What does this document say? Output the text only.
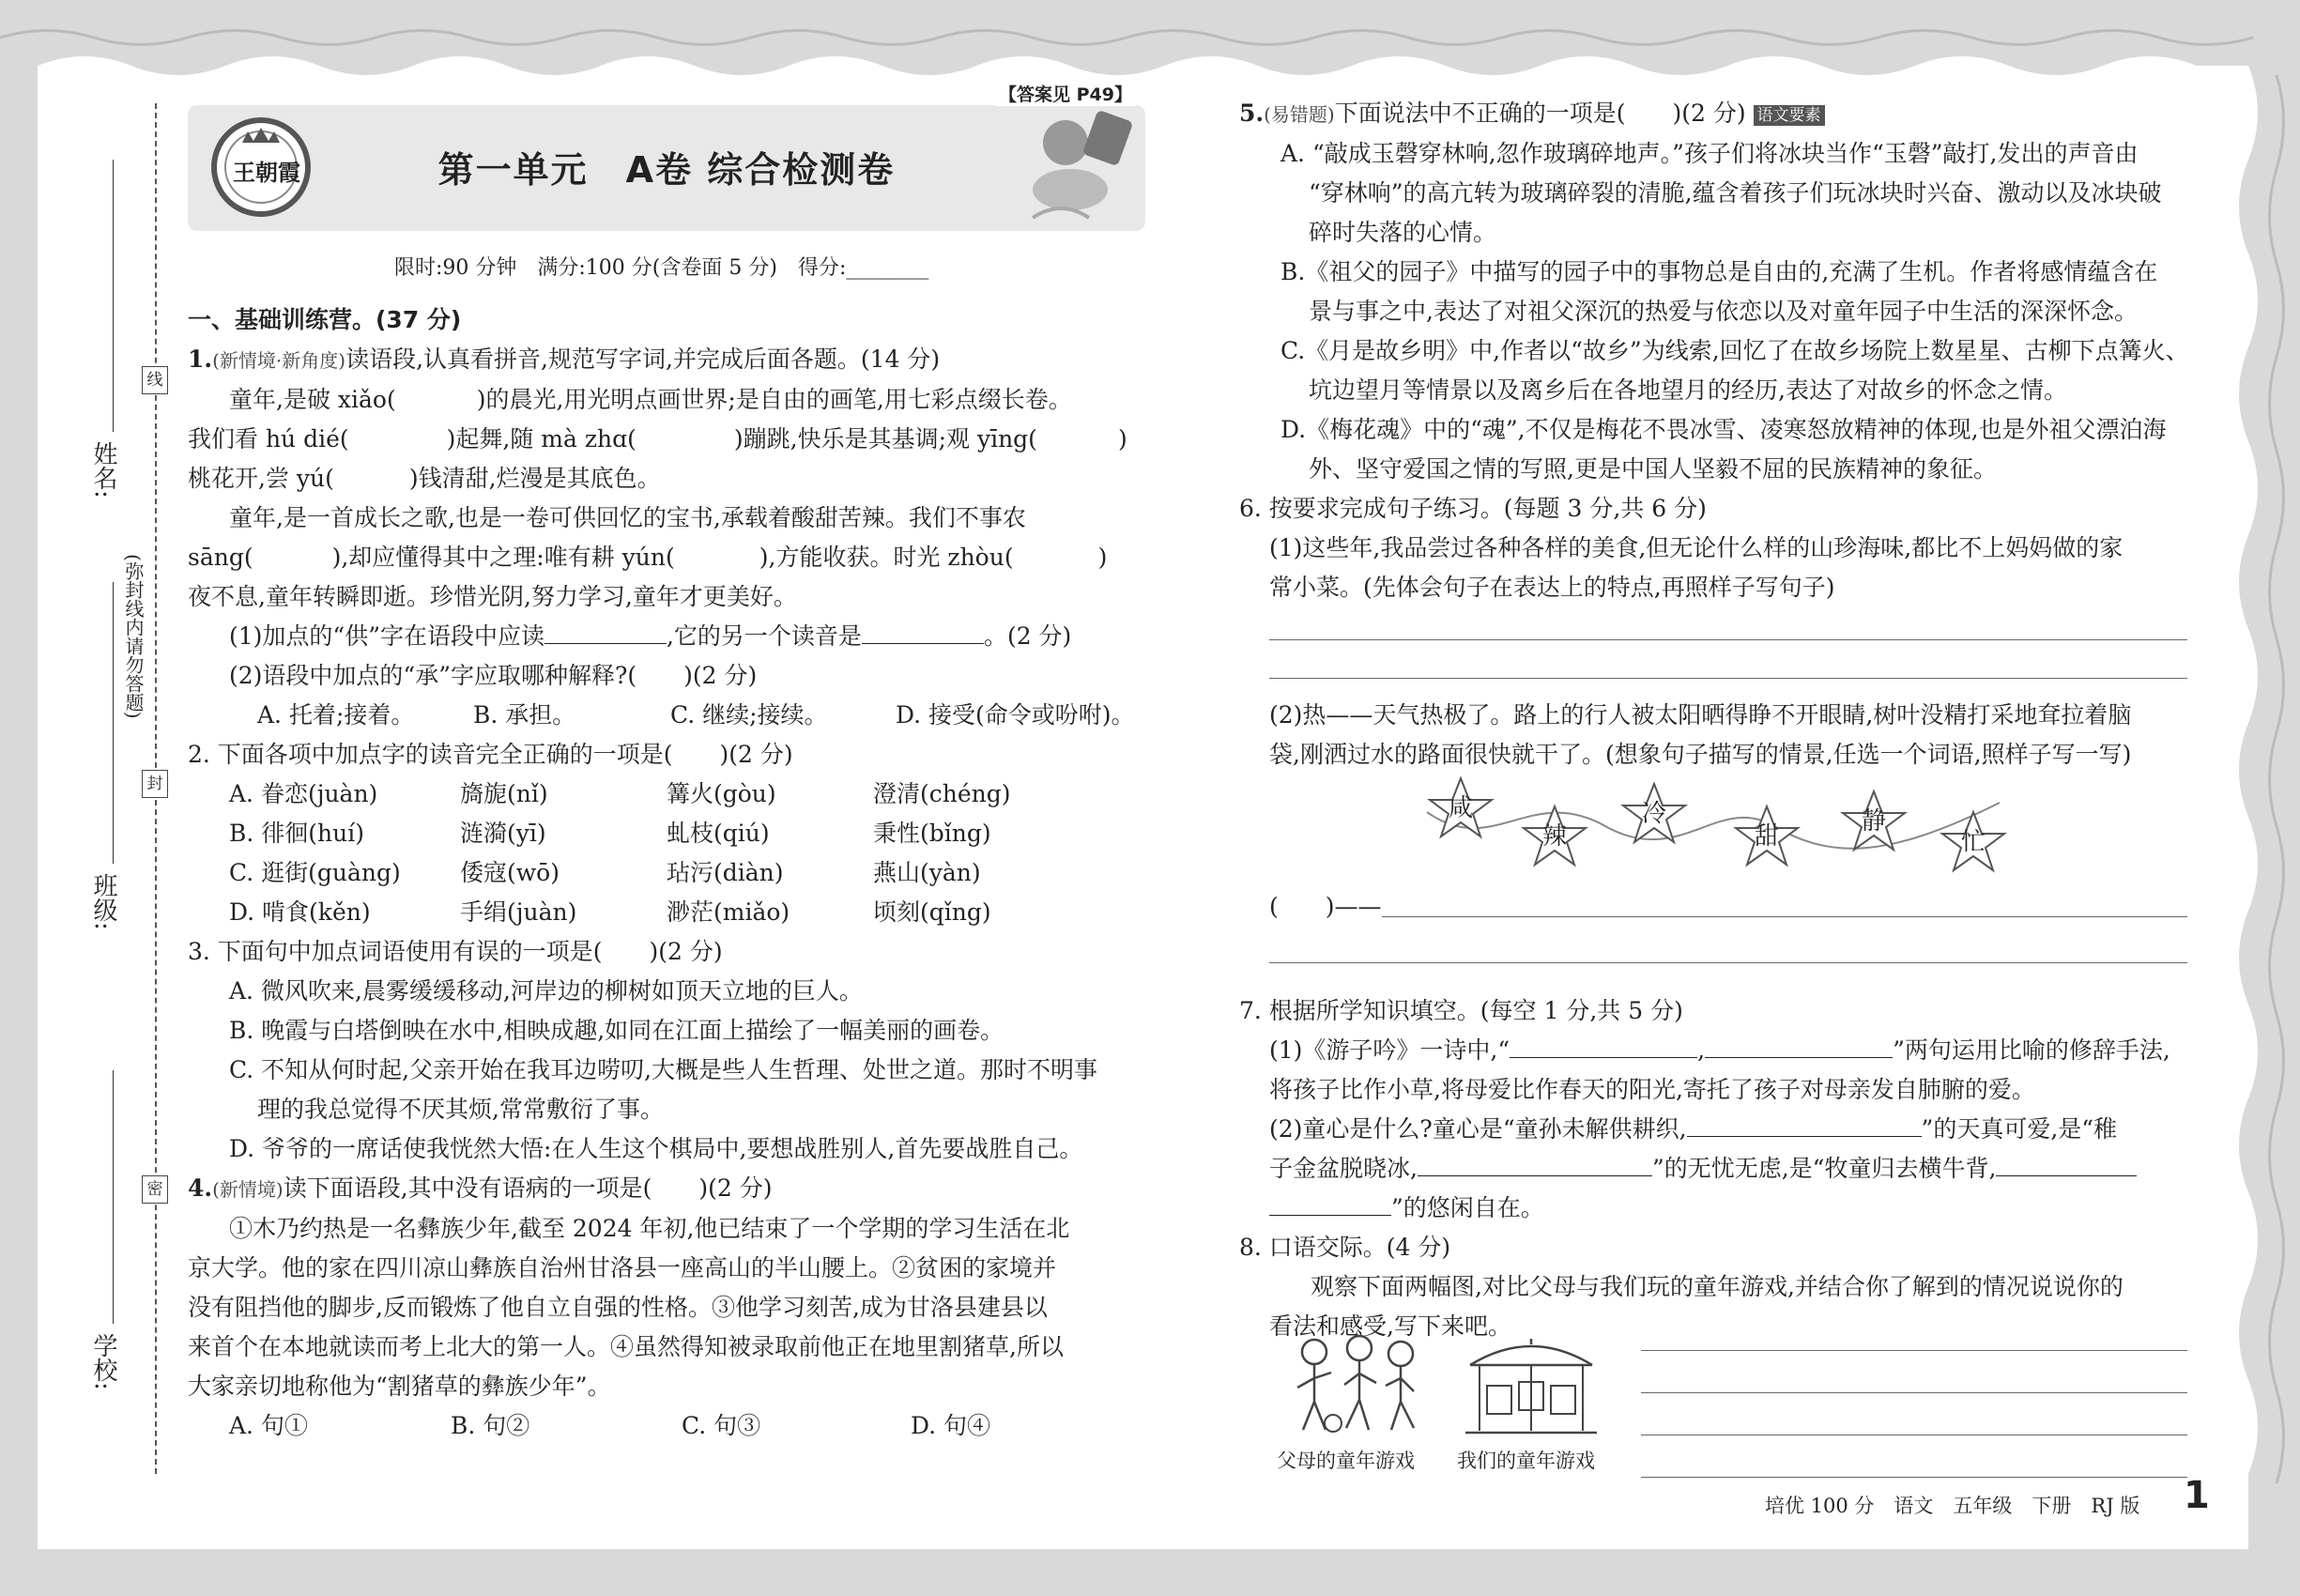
姓名:
班级:
学校:
(弥封线内请勿答题)
线
封
密
王朝霞	第一单元　A卷 综合检测卷
【答案见 P49】
限时:90 分钟　满分:100 分(含卷面 5 分)　得分:________
一、基础训练营。(37 分)
1.(新情境·新角度)读语段,认真看拼音,规范写字词,并完成后面各题。(14 分)
童年,是破 xiǎo(	)的晨光,用光明点画世界;是自由的画笔,用七彩点缀长卷。
我们看 hú dié(	)起舞,随 mà zhɑ(	)蹦跳,快乐是其基调;观 yīng(	)
桃花开,尝 yú(	)钱清甜,烂漫是其底色。
童年,是一首成长之歌,也是一卷可供回忆的宝书,承载着酸甜苦辣。我们不事农
sāng(	),却应懂得其中之理:唯有耕 yún(	),方能收获。时光 zhòu(	)
夜不息,童年转瞬即逝。珍惜光阴,努力学习,童年才更美好。
(1)加点的“供”字在语段中应读	,它的另一个读音是	。(2 分)
(2)语段中加点的“承”字应取哪种解释?(　　)(2 分)
A. 托着;接着。	B. 承担。	C. 继续;接续。	D. 接受(命令或吩咐)。
2. 下面各项中加点字的读音完全正确的一项是(　　)(2 分)
A. 眷恋(juàn)	旖旎(nǐ)	篝火(gòu)	澄清(chéng)
B. 徘徊(huí)	涟漪(yī)	虬枝(qiú)	秉性(bǐng)
C. 逛街(guàng)	倭寇(wō)	玷污(diàn)	燕山(yàn)
D. 啃食(kěn)	手绢(juàn)	渺茫(miǎo)	顷刻(qǐng)
3. 下面句中加点词语使用有误的一项是(　　)(2 分)
A. 微风吹来,晨雾缓缓移动,河岸边的柳树如顶天立地的巨人。
B. 晚霞与白塔倒映在水中,相映成趣,如同在江面上描绘了一幅美丽的画卷。
C. 不知从何时起,父亲开始在我耳边唠叨,大概是些人生哲理、处世之道。那时不明事
理的我总觉得不厌其烦,常常敷衍了事。
D. 爷爷的一席话使我恍然大悟:在人生这个棋局中,要想战胜别人,首先要战胜自己。
4.(新情境)读下面语段,其中没有语病的一项是(　　)(2 分)
①木乃约热是一名彝族少年,截至 2024 年初,他已结束了一个学期的学习生活在北
京大学。他的家在四川凉山彝族自治州甘洛县一座高山的半山腰上。②贫困的家境并
没有阻挡他的脚步,反而锻炼了他自立自强的性格。③他学习刻苦,成为甘洛县建县以
来首个在本地就读而考上北大的第一人。④虽然得知被录取前他正在地里割猪草,所以
大家亲切地称他为“割猪草的彝族少年”。
A. 句①	B. 句②	C. 句③	D. 句④
5.(易错题)下面说法中不正确的一项是(　　)(2 分) 语文要素
A. “敲成玉磬穿林响,忽作玻璃碎地声。”孩子们将冰块当作“玉磬”敲打,发出的声音由
“穿林响”的高亢转为玻璃碎裂的清脆,蕴含着孩子们玩冰块时兴奋、激动以及冰块破
碎时失落的心情。
B.《祖父的园子》中描写的园子中的事物总是自由的,充满了生机。作者将感情蕴含在
景与事之中,表达了对祖父深沉的热爱与依恋以及对童年园子中生活的深深怀念。
C.《月是故乡明》中,作者以“故乡”为线索,回忆了在故乡场院上数星星、古柳下点篝火、
坑边望月等情景以及离乡后在各地望月的经历,表达了对故乡的怀念之情。
D.《梅花魂》中的“魂”,不仅是梅花不畏冰雪、凌寒怒放精神的体现,也是外祖父漂泊海
外、坚守爱国之情的写照,更是中国人坚毅不屈的民族精神的象征。
6. 按要求完成句子练习。(每题 3 分,共 6 分)
(1)这些年,我品尝过各种各样的美食,但无论什么样的山珍海味,都比不上妈妈做的家
常小菜。(先体会句子在表达上的特点,再照样子写句子)
(2)热——天气热极了。路上的行人被太阳晒得睁不开眼睛,树叶没精打采地耷拉着脑
袋,刚洒过水的路面很快就干了。(想象句子描写的情景,任选一个词语,照样子写一写)
咸
辣
冷
甜
静
忙
(　　)——
7. 根据所学知识填空。(每空 1 分,共 5 分)
(1)《游子吟》一诗中,“	,	”两句运用比喻的修辞手法,
将孩子比作小草,将母爱比作春天的阳光,寄托了孩子对母亲发自肺腑的爱。
(2)童心是什么?童心是“童孙未解供耕织,	”的天真可爱,是“稚
子金盆脱晓冰,	”的无忧无虑,是“牧童归去横牛背,
”的悠闲自在。
8. 口语交际。(4 分)
观察下面两幅图,对比父母与我们玩的童年游戏,并结合你了解到的情况说说你的
看法和感受,写下来吧。
父母的童年游戏 我们的童年游戏
培优 100 分　语文　五年级　下册　RJ 版 1
